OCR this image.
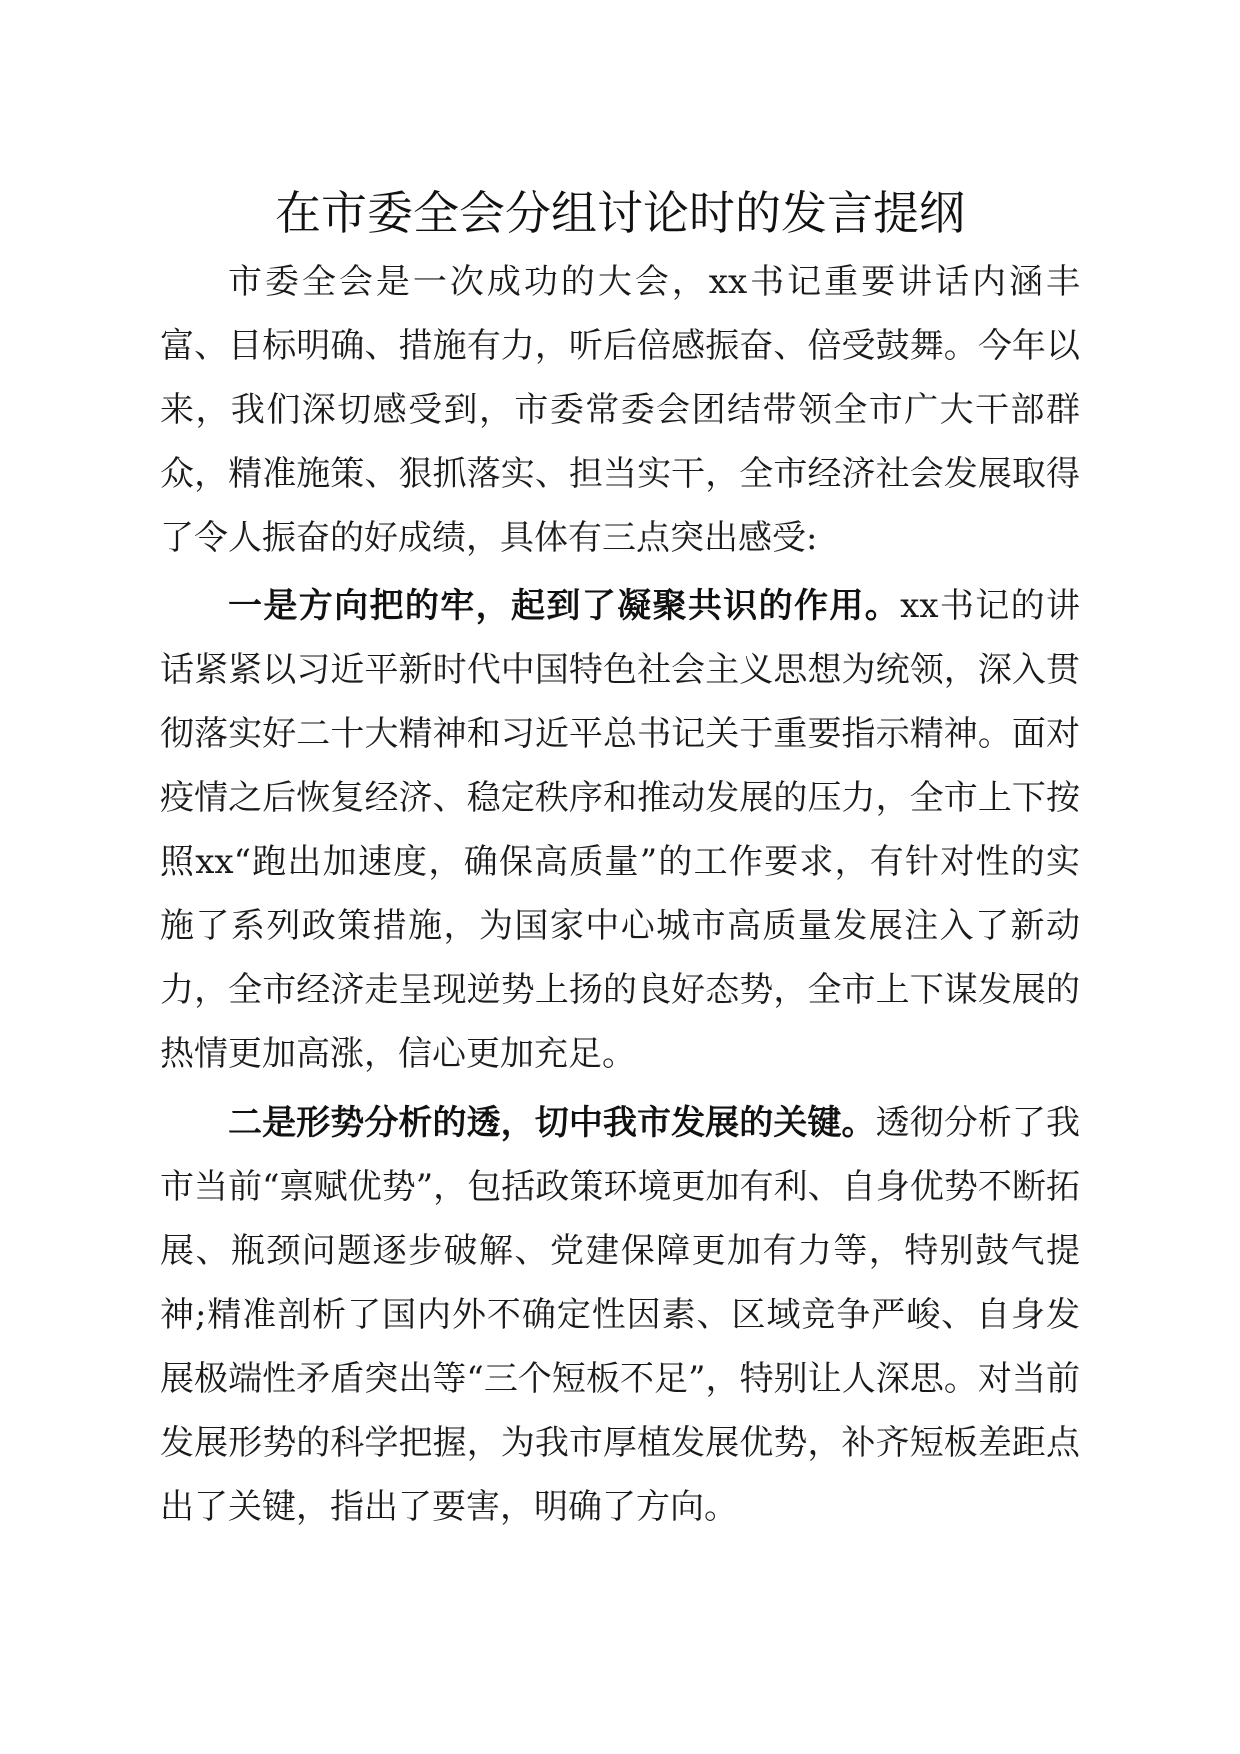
在市委全会分组讨论时的发言提纲

市委全会是一次成功的大会，xx书记重要讲话内涵丰富、目标明确、措施有力，听后倍感振奋、倍受鼓舞。今年以来，我们深切感受到，市委常委会团结带领全市广大干部群众，精准施策、狠抓落实、担当实干，全市经济社会发展取得了令人振奋的好成绩，具体有三点突出感受:

一是方向把的牢，起到了凝聚共识的作用。xx书记的讲话紧紧以习近平新时代中国特色社会主义思想为统领，深入贯彻落实好二十大精神和习近平总书记关于重要指示精神。面对疫情之后恢复经济、稳定秩序和推动发展的压力，全市上下按照xx“跑出加速度，确保高质量”的工作要求，有针对性的实施了系列政策措施，为国家中心城市高质量发展注入了新动力，全市经济走呈现逆势上扬的良好态势，全市上下谋发展的热情更加高涨，信心更加充足。

二是形势分析的透，切中我市发展的关键。透彻分析了我市当前“禀赋优势”，包括政策环境更加有利、自身优势不断拓展、瓶颈问题逐步破解、党建保障更加有力等，特别鼓气提神;精准剖析了国内外不确定性因素、区域竞争严峻、自身发展极端性矛盾突出等“三个短板不足”，特别让人深思。对当前发展形势的科学把握，为我市厚植发展优势，补齐短板差距点出了关键，指出了要害，明确了方向。
